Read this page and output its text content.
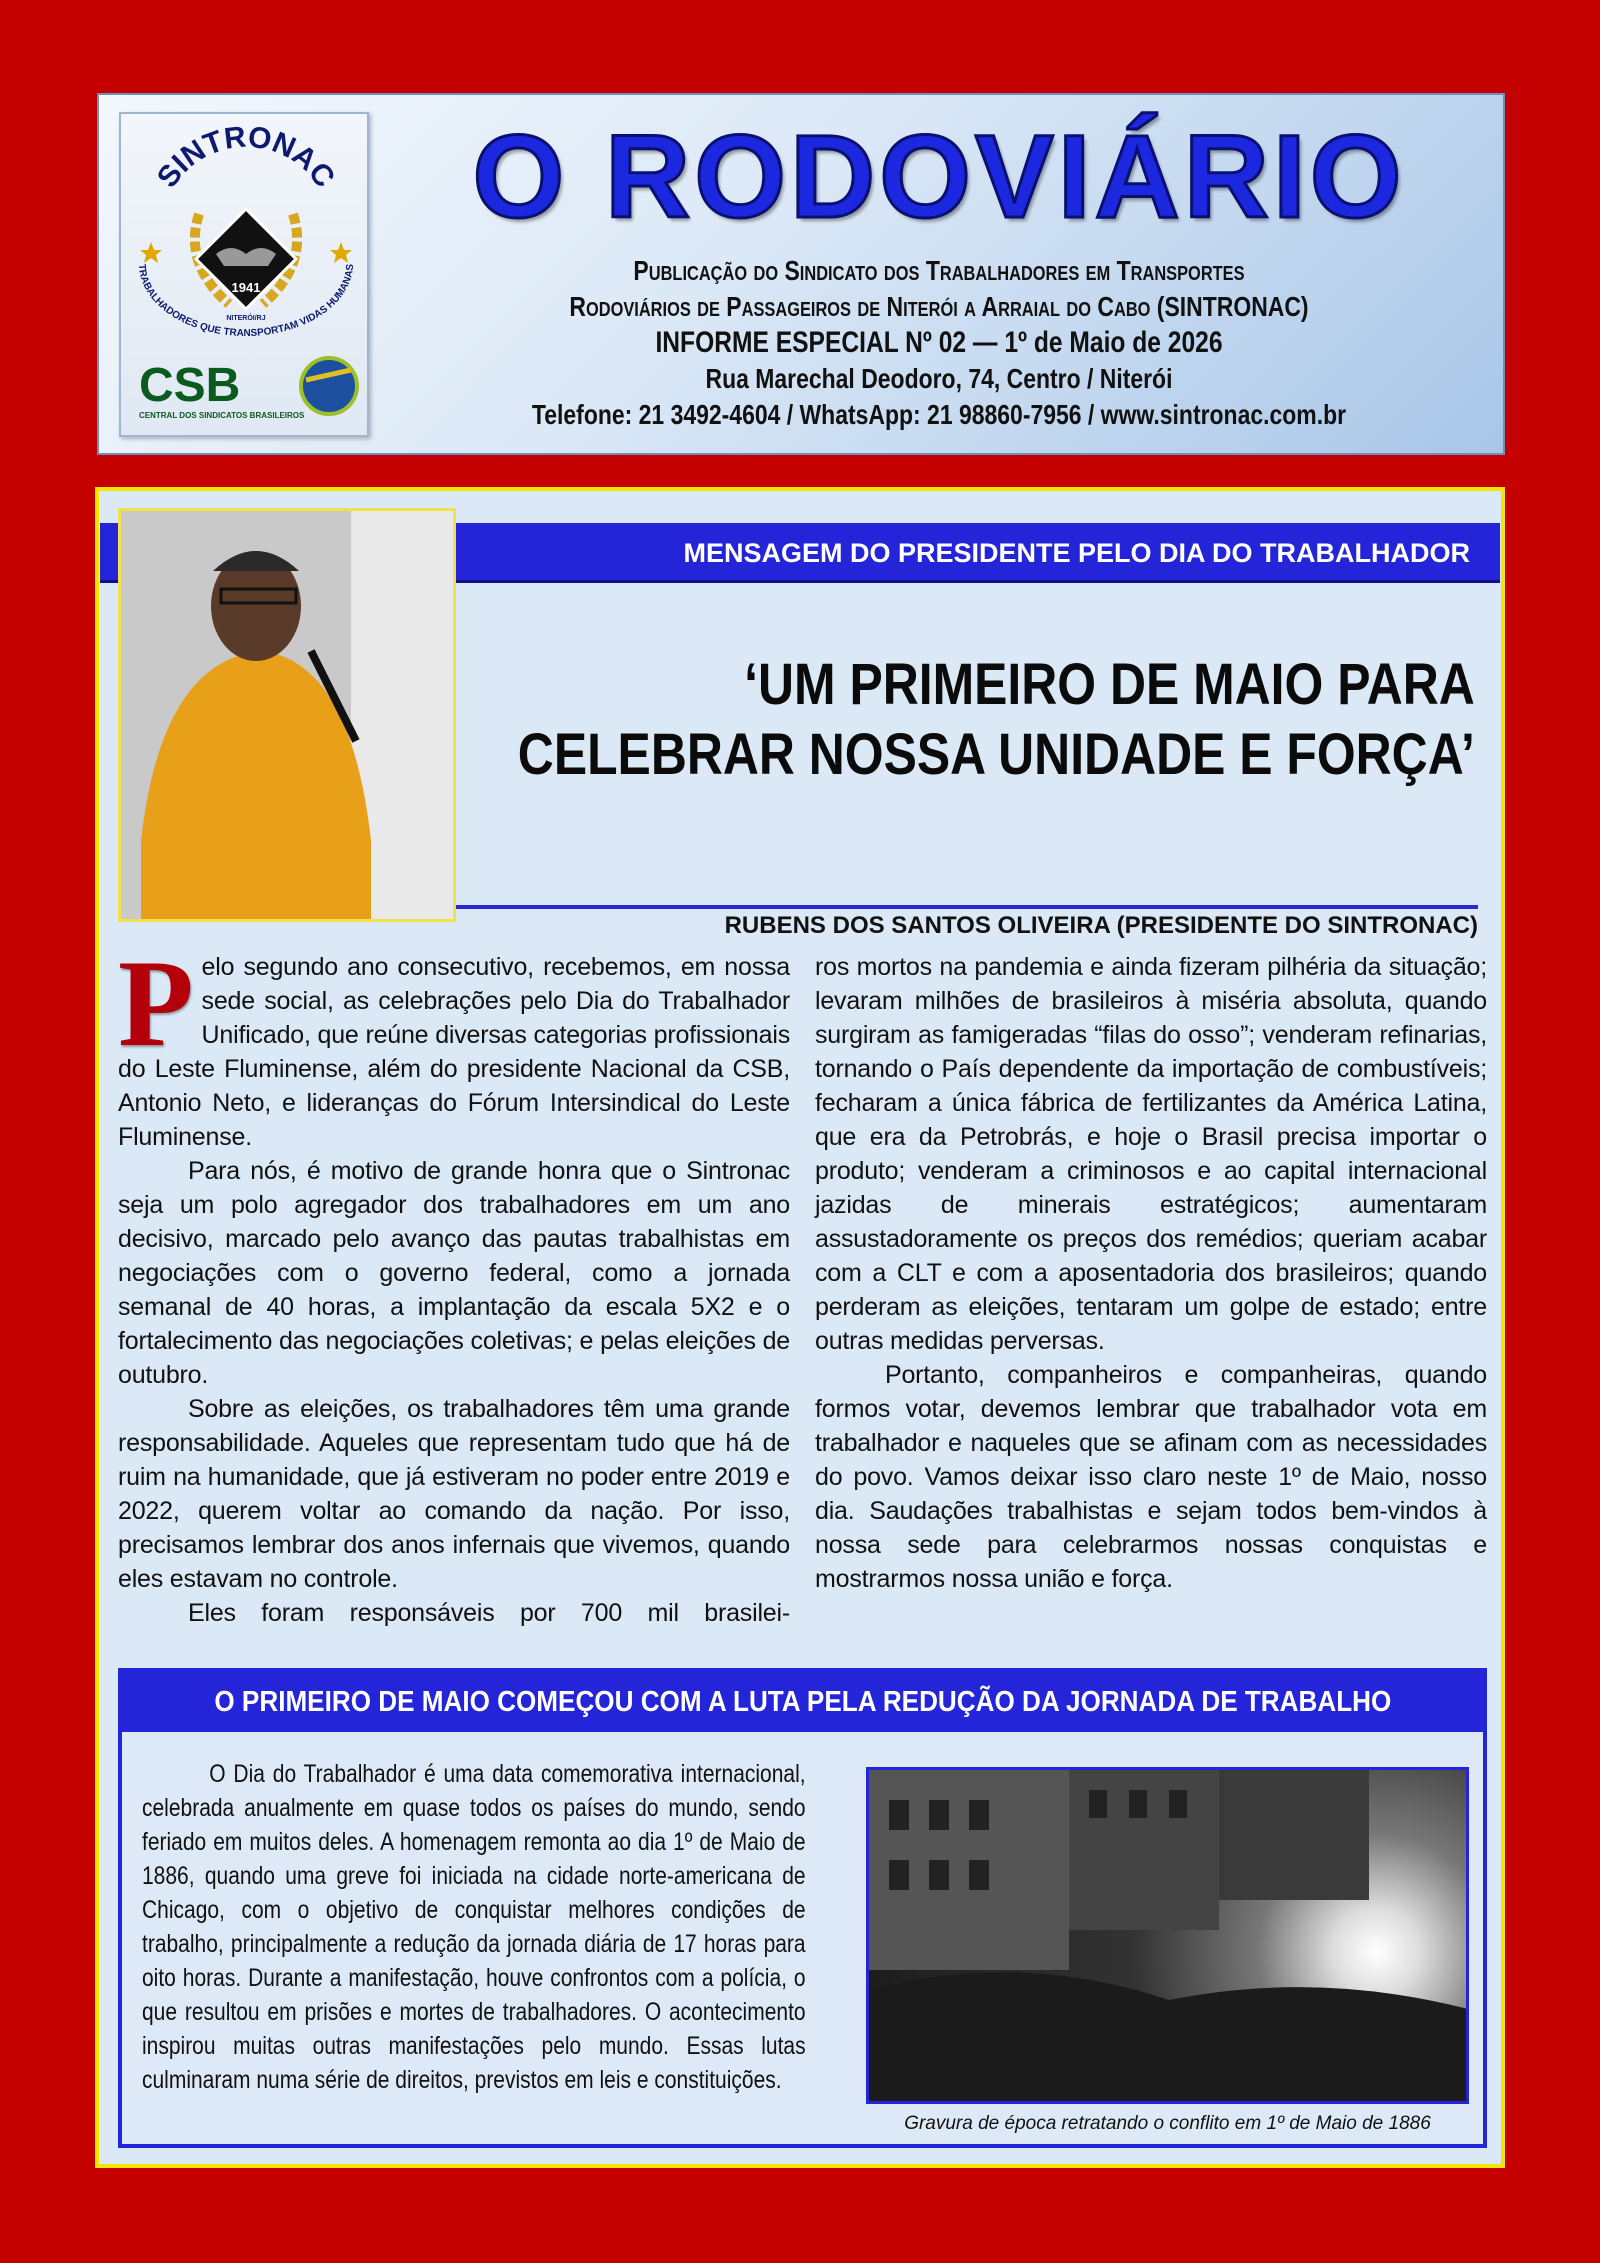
SINTRONAC
1941
NITERÓI/RJ
TRABALHADORES QUE TRANSPORTAM VIDAS HUMANAS
CSB
CENTRAL DOS SINDICATOS BRASILEIROS
O RODOVIÁRIO
Publicação do Sindicato dos Trabalhadores em Transportes
Rodoviários de Passageiros de Niterói a Arraial do Cabo (SINTRONAC)
INFORME ESPECIAL Nº 02 — 1º de Maio de 2026
Rua Marechal Deodoro, 74, Centro / Niterói
Telefone: 21 3492-4604 / WhatsApp: 21 98860-7956 / www.sintronac.com.br
MENSAGEM DO PRESIDENTE PELO DIA DO TRABALHADOR
‘UM PRIMEIRO DE MAIO PARA
CELEBRAR NOSSA UNIDADE E FORÇA’
RUBENS DOS SANTOS OLIVEIRA (PRESIDENTE DO SINTRONAC)

Pelo segundo ano consecutivo, recebemos, em nossa sede social, as celebrações pelo Dia do Trabalhador Unificado, que reúne diversas categorias profissionais do Leste Fluminense, além do presidente Nacional da CSB, Antonio Neto, e lideranças do Fórum Intersindical do Leste Fluminense.

Para nós, é motivo de grande honra que o Sintronac seja um polo agregador dos trabalhadores em um ano decisivo, marcado pelo avanço das pautas trabalhistas em negociações com o governo federal, como a jornada semanal de 40 horas, a implantação da escala 5X2 e o fortalecimento das negociações coletivas; e pelas eleições de outubro.

Sobre as eleições, os trabalhadores têm uma grande responsabilidade. Aqueles que representam tudo que há de ruim na humanidade, que já estiveram no poder entre 2019 e 2022, querem voltar ao comando da nação. Por isso, precisamos lembrar dos anos infernais que vivemos, quando eles estavam no controle.

Eles foram responsáveis por 700 mil brasilei-

ros mortos na pandemia e ainda fizeram pilhéria da situação; levaram milhões de brasileiros à miséria absoluta, quando surgiram as famigeradas “filas do osso”; venderam refinarias, tornando o País dependente da importação de combustíveis; fecharam a única fábrica de fertilizantes da América Latina, que era da Petrobrás, e hoje o Brasil precisa importar o produto; venderam a criminosos e ao capital internacional jazidas de minerais estratégicos; aumentaram assustadoramente os preços dos remédios; queriam acabar com a CLT e com a aposentadoria dos brasileiros; quando perderam as eleições, tentaram um golpe de estado; entre outras medidas perversas.

Portanto, companheiros e companheiras, quando formos votar, devemos lembrar que trabalhador vota em trabalhador e naqueles que se afinam com as necessidades do povo. Vamos deixar isso claro neste 1º de Maio, nosso dia. Saudações trabalhistas e sejam todos bem-vindos à nossa sede para celebrarmos nossas conquistas e mostrarmos nossa união e força.

O PRIMEIRO DE MAIO COMEÇOU COM A LUTA PELA REDUÇÃO DA JORNADA DE TRABALHO

O Dia do Trabalhador é uma data comemorativa internacional, celebrada anualmente em quase todos os países do mundo, sendo feriado em muitos deles. A homenagem remonta ao dia 1º de Maio de 1886, quando uma greve foi iniciada na cidade norte-americana de Chicago, com o objetivo de conquistar melhores condições de trabalho, principalmente a redução da jornada diária de 17 horas para oito horas. Durante a manifestação, houve confrontos com a polícia, o que resultou em prisões e mortes de trabalhadores. O acontecimento inspirou muitas outras manifestações pelo mundo. Essas lutas culminaram numa série de direitos, previstos em leis e constituições.

Gravura de época retratando o conflito em 1º de Maio de 1886
